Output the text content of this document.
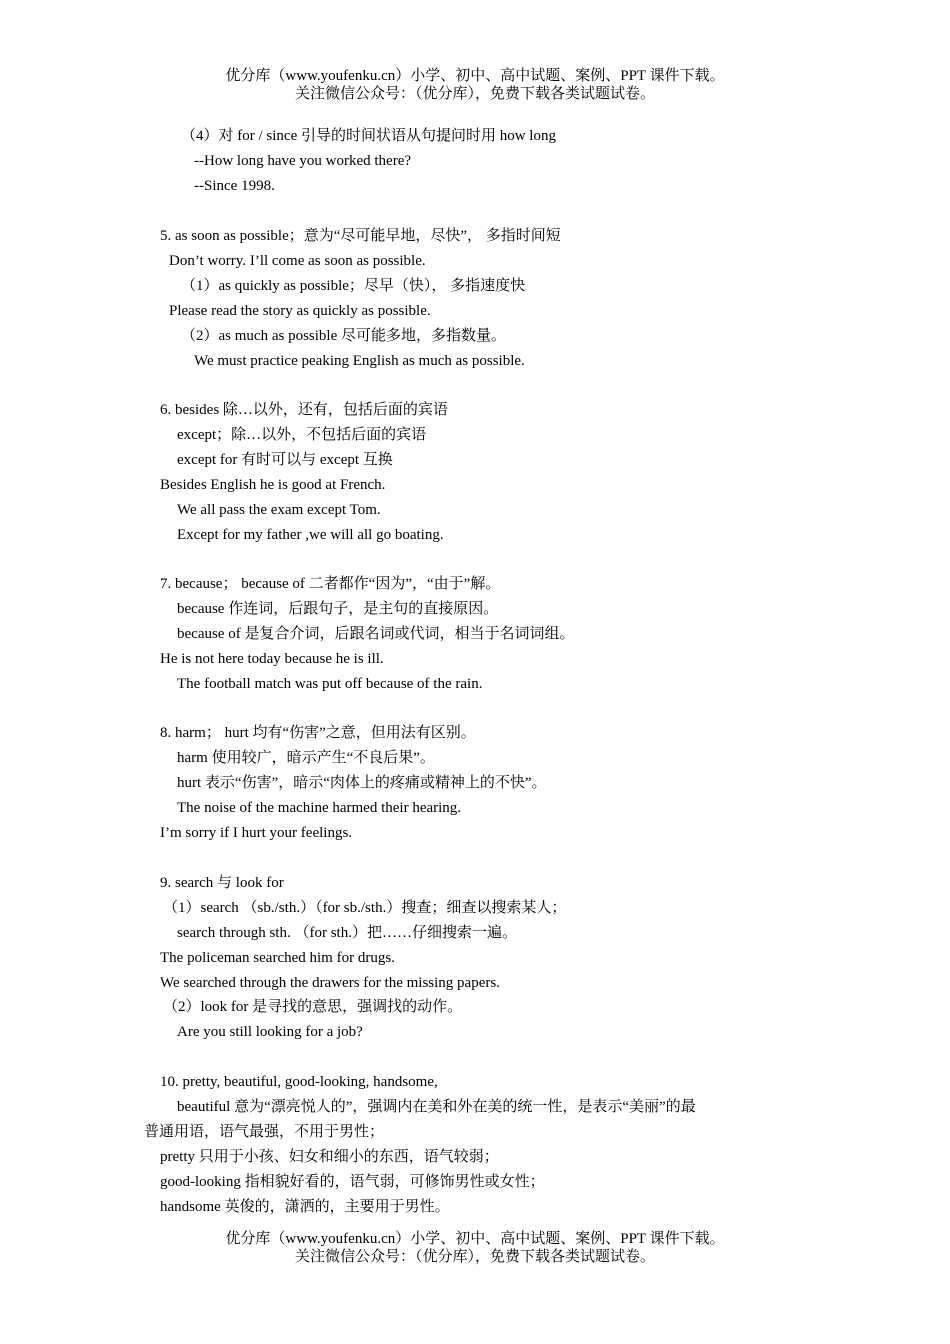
优分库（www.youfenku.cn）小学、初中、高中试题、案例、PPT 课件下载。
关注微信公众号：（优分库），免费下载各类试题试卷。
（4）对 for / since 引导的时间状语从句提问时用 how long
--How long have you worked there?
--Since 1998.
5. as soon as possible；意为“尽可能早地，尽快”， 多指时间短
Don’t worry. I’ll come as soon as possible.
（1）as quickly as possible；尽早（快）， 多指速度快
Please read the story as quickly as possible.
（2）as much as possible 尽可能多地，多指数量。
We must practice peaking English as much as possible.
6. besides 除…以外，还有，包括后面的宾语
except；除…以外，不包括后面的宾语
except for 有时可以与 except 互换
Besides English he is good at French.
We all pass the exam except Tom.
Except for my father ,we will all go boating.
7. because； because of 二者都作“因为”，“由于”解。
because 作连词，后跟句子，是主句的直接原因。
because of 是复合介词，后跟名词或代词，相当于名词词组。
He is not here today because he is ill.
The football match was put off because of the rain.
8. harm； hurt 均有“伤害”之意，但用法有区别。
harm 使用较广，暗示产生“不良后果”。
hurt 表示“伤害”，暗示“肉体上的疼痛或精神上的不快”。
The noise of the machine harmed their hearing.
I’m sorry if I hurt your feelings.
9. search 与 look for
（1）search （sb./sth.）（for sb./sth.）搜查；细查以搜索某人；
search through sth. （for sth.）把……仔细搜索一遍。
The policeman searched him for drugs.
We searched through the drawers for the missing papers.
（2）look for 是寻找的意思，强调找的动作。
Are you still looking for a job?
10. pretty, beautiful, good-looking, handsome,
beautiful 意为“漂亮悦人的”，强调内在美和外在美的统一性，是表示“美丽”的最
普通用语，语气最强，不用于男性；
pretty 只用于小孩、妇女和细小的东西，语气较弱；
good-looking 指相貌好看的，语气弱，可修饰男性或女性；
handsome 英俊的，潇洒的，主要用于男性。
优分库（www.youfenku.cn）小学、初中、高中试题、案例、PPT 课件下载。
关注微信公众号：（优分库），免费下载各类试题试卷。
